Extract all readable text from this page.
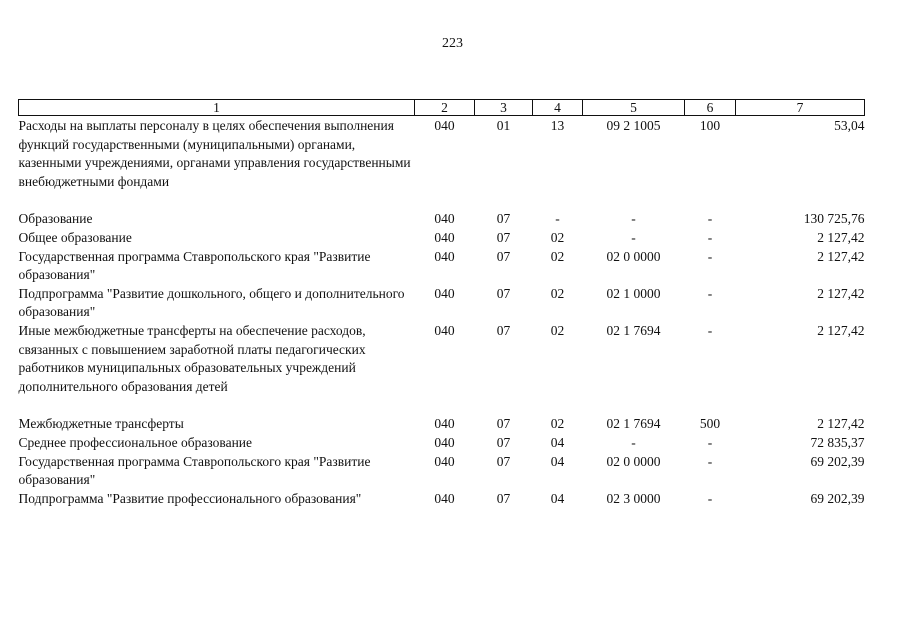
223
1	2	3	4	5	6	7
Расходы на выплаты персоналу в целях обеспечения выполнения функций государственными (муниципальными) органами, казенными учреждениями, органами управления государственными внебюджетными фондами	040	01	13	09 2 1005	100	53,04
Образование	040	07	-	-	-	130 725,76
Общее образование	040	07	02	-	-	2 127,42
Государственная программа Ставропольского края "Развитие образования"	040	07	02	02 0 0000	-	2 127,42
Подпрограмма "Развитие дошкольного, общего и дополнительного образования"	040	07	02	02 1 0000	-	2 127,42
Иные межбюджетные трансферты на обеспечение расходов, связанных с повышением заработной платы педагогических работников муниципальных образовательных учреждений дополнительного образования детей	040	07	02	02 1 7694	-	2 127,42
Межбюджетные трансферты	040	07	02	02 1 7694	500	2 127,42
Среднее профессиональное образование	040	07	04	-	-	72 835,37
Государственная программа Ставропольского края "Развитие образования"	040	07	04	02 0 0000	-	69 202,39
Подпрограмма "Развитие профессионального образования"	040	07	04	02 3 0000	-	69 202,39
